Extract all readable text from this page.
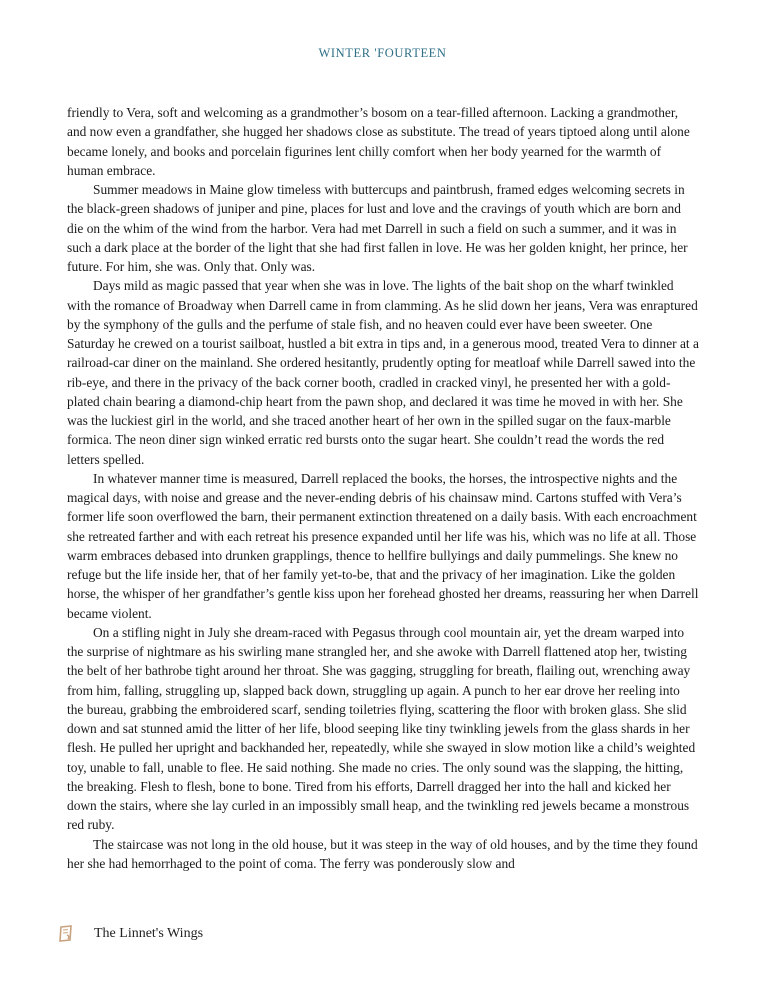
WINTER 'FOURTEEN

friendly to Vera, soft and welcoming as a grandmother’s bosom on a tear-filled afternoon. Lacking a grandmother, and now even a grandfather, she hugged her shadows close as substitute. The tread of years tiptoed along until alone became lonely, and books and porcelain figurines lent chilly comfort when her body yearned for the warmth of human embrace.

Summer meadows in Maine glow timeless with buttercups and paintbrush, framed edges welcoming secrets in the black-green shadows of juniper and pine, places for lust and love and the cravings of youth which are born and die on the whim of the wind from the harbor. Vera had met Darrell in such a field on such a summer, and it was in such a dark place at the border of the light that she had first fallen in love. He was her golden knight, her prince, her future. For him, she was. Only that. Only was.

Days mild as magic passed that year when she was in love. The lights of the bait shop on the wharf twinkled with the romance of Broadway when Darrell came in from clamming. As he slid down her jeans, Vera was enraptured by the symphony of the gulls and the perfume of stale fish, and no heaven could ever have been sweeter. One Saturday he crewed on a tourist sailboat, hustled a bit extra in tips and, in a generous mood, treated Vera to dinner at a railroad-car diner on the mainland. She ordered hesitantly, prudently opting for meatloaf while Darrell sawed into the rib-eye, and there in the privacy of the back corner booth, cradled in cracked vinyl, he presented her with a gold-plated chain bearing a diamond-chip heart from the pawn shop, and declared it was time he moved in with her. She was the luckiest girl in the world, and she traced another heart of her own in the spilled sugar on the faux-marble formica. The neon diner sign winked erratic red bursts onto the sugar heart. She couldn’t read the words the red letters spelled.

In whatever manner time is measured, Darrell replaced the books, the horses, the introspective nights and the magical days, with noise and grease and the never-ending debris of his chainsaw mind. Cartons stuffed with Vera’s former life soon overflowed the barn, their permanent extinction threatened on a daily basis. With each encroachment she retreated farther and with each retreat his presence expanded until her life was his, which was no life at all. Those warm embraces debased into drunken grapplings, thence to hellfire bullyings and daily pummelings. She knew no refuge but the life inside her, that of her family yet-to-be, that and the privacy of her imagination. Like the golden horse, the whisper of her grandfather’s gentle kiss upon her forehead ghosted her dreams, reassuring her when Darrell became violent.

On a stifling night in July she dream-raced with Pegasus through cool mountain air, yet the dream warped into the surprise of nightmare as his swirling mane strangled her, and she awoke with Darrell flattened atop her, twisting the belt of her bathrobe tight around her throat. She was gagging, struggling for breath, flailing out, wrenching away from him, falling, struggling up, slapped back down, struggling up again. A punch to her ear drove her reeling into the bureau, grabbing the embroidered scarf, sending toiletries flying, scattering the floor with broken glass. She slid down and sat stunned amid the litter of her life, blood seeping like tiny twinkling jewels from the glass shards in her flesh. He pulled her upright and backhanded her, repeatedly, while she swayed in slow motion like a child’s weighted toy, unable to fall, unable to flee. He said nothing. She made no cries. The only sound was the slapping, the hitting, the breaking. Flesh to flesh, bone to bone. Tired from his efforts, Darrell dragged her into the hall and kicked her down the stairs, where she lay curled in an impossibly small heap, and the twinkling red jewels became a monstrous red ruby.

The staircase was not long in the old house, but it was steep in the way of old houses, and by the time they found her she had hemorrhaged to the point of coma. The ferry was ponderously slow and

The Linnet's Wings
